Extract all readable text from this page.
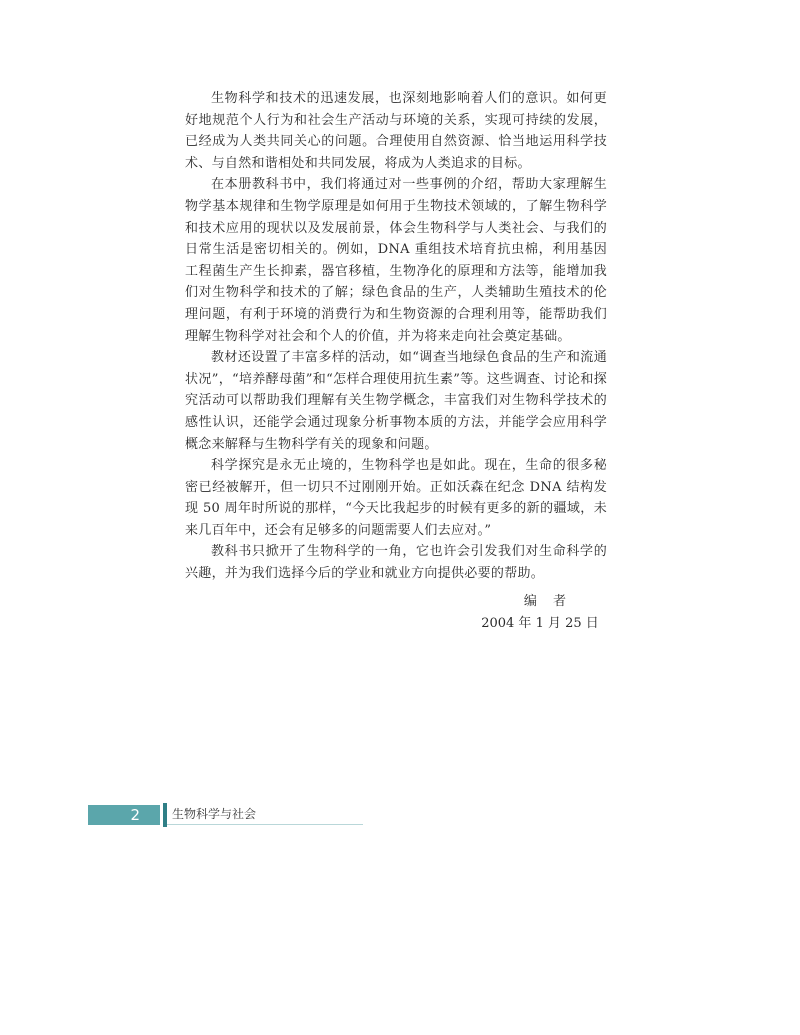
生物科学和技术的迅速发展，也深刻地影响着人们的意识。如何更好地规范个人行为和社会生产活动与环境的关系，实现可持续的发展，已经成为人类共同关心的问题。合理使用自然资源、恰当地运用科学技术、与自然和谐相处和共同发展，将成为人类追求的目标。

在本册教科书中，我们将通过对一些事例的介绍，帮助大家理解生物学基本规律和生物学原理是如何用于生物技术领域的，了解生物科学和技术应用的现状以及发展前景，体会生物科学与人类社会、与我们的日常生活是密切相关的。例如，DNA 重组技术培育抗虫棉，利用基因工程菌生产生长抑素，器官移植，生物净化的原理和方法等，能增加我们对生物科学和技术的了解；绿色食品的生产，人类辅助生殖技术的伦理问题，有利于环境的消费行为和生物资源的合理利用等，能帮助我们理解生物科学对社会和个人的价值，并为将来走向社会奠定基础。

教材还设置了丰富多样的活动，如“调查当地绿色食品的生产和流通状况”，“培养酵母菌”和“怎样合理使用抗生素”等。这些调查、讨论和探究活动可以帮助我们理解有关生物学概念，丰富我们对生物科学技术的感性认识，还能学会通过现象分析事物本质的方法，并能学会应用科学概念来解释与生物科学有关的现象和问题。

科学探究是永无止境的，生物科学也是如此。现在，生命的很多秘密已经被解开，但一切只不过刚刚开始。正如沃森在纪念 DNA 结构发现 50 周年时所说的那样，“今天比我起步的时候有更多的新的疆域，未来几百年中，还会有足够多的问题需要人们去应对。”

教科书只掀开了生物科学的一角，它也许会引发我们对生命科学的兴趣，并为我们选择今后的学业和就业方向提供必要的帮助。

编 者
2004 年 1 月 25 日
2	生物科学与社会
